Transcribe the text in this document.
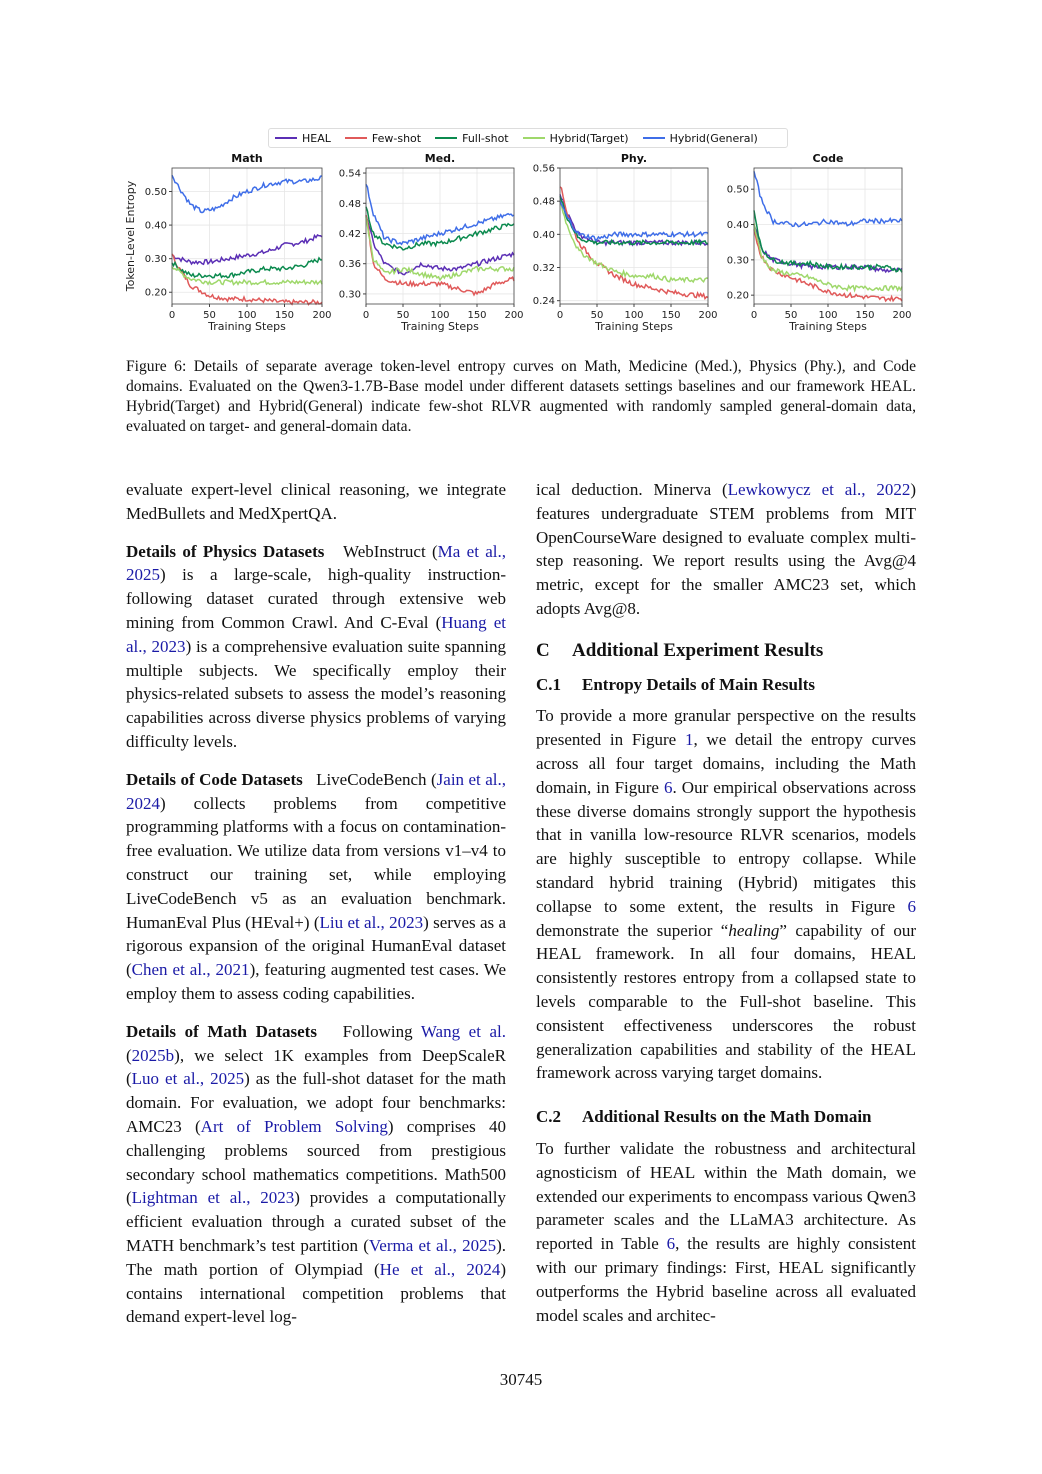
HEAL	Few-shot	Full-shot	Hybrid(Target)	Hybrid(General)
0.20
0.30
0.40
0.50
0	50 100 150 200
Math
Training Steps
0.30
0.36
0.42
0.48
0.54
0	50 100 150 200
Med.
Training Steps
0.24
0.32
0.40
0.48
0.56
0	50 100 150 200
Phy.
Training Steps
0.20
0.30
0.40
0.50
0	50 100 150 200
Code
Training Steps
Token-Level Entropy
Figure 6: Details of separate average token-level entropy curves on Math, Medicine (Med.), Physics (Phy.), and Code domains. Evaluated on the Qwen3-1.7B-Base model under different datasets settings baselines and our framework HEAL. Hybrid(Target) and Hybrid(General) indicate few-shot RLVR augmented with randomly sampled general-domain data, evaluated on target- and general-domain data.

evaluate expert-level clinical reasoning, we integrate MedBullets and MedXpertQA.

Details of Physics Datasets WebInstruct (Ma et al., 2025) is a large-scale, high-quality instruction-following dataset curated through extensive web mining from Common Crawl. And C-Eval (Huang et al., 2023) is a comprehensive evaluation suite spanning multiple subjects. We specifically employ their physics-related subsets to assess the model’s reasoning capabilities across diverse physics problems of varying difficulty levels.

Details of Code Datasets LiveCodeBench (Jain et al., 2024) collects problems from competitive programming platforms with a focus on contamination-free evaluation. We utilize data from versions v1–v4 to construct our training set, while employing LiveCodeBench v5 as an evaluation benchmark. HumanEval Plus (HEval+) (Liu et al., 2023) serves as a rigorous expansion of the original HumanEval dataset (Chen et al., 2021), featuring augmented test cases. We employ them to assess coding capabilities.

Details of Math Datasets Following Wang et al. (2025b), we select 1K examples from DeepScaleR (Luo et al., 2025) as the full-shot dataset for the math domain. For evaluation, we adopt four benchmarks: AMC23 (Art of Problem Solving) comprises 40 challenging problems sourced from prestigious secondary school mathematics competitions. Math500 (Lightman et al., 2023) provides a computationally efficient evaluation through a curated subset of the MATH benchmark’s test partition (Verma et al., 2025). The math portion of Olympiad (He et al., 2024) contains international competition problems that demand expert-level log-

ical deduction. Minerva (Lewkowycz et al., 2022) features undergraduate STEM problems from MIT OpenCourseWare designed to evaluate complex multi-step reasoning. We report results using the Avg@4 metric, except for the smaller AMC23 set, which adopts Avg@8.

C Additional Experiment Results
C.1 Entropy Details of Main Results

To provide a more granular perspective on the results presented in Figure 1, we detail the entropy curves across all four target domains, including the Math domain, in Figure 6. Our empirical observations across these diverse domains strongly support the hypothesis that in vanilla low-resource RLVR scenarios, models are highly susceptible to entropy collapse. While standard hybrid training (Hybrid) mitigates this collapse to some extent, the results in Figure 6 demonstrate the superior “healing” capability of our HEAL framework. In all four domains, HEAL consistently restores entropy from a collapsed state to levels comparable to the Full-shot baseline. This consistent effectiveness underscores the robust generalization capabilities and stability of the HEAL framework across varying target domains.

C.2 Additional Results on the Math Domain

To further validate the robustness and architectural agnosticism of HEAL within the Math domain, we extended our experiments to encompass various Qwen3 parameter scales and the LLaMA3 architecture. As reported in Table 6, the results are highly consistent with our primary findings: First, HEAL significantly outperforms the Hybrid baseline across all evaluated model scales and architec-

30745
